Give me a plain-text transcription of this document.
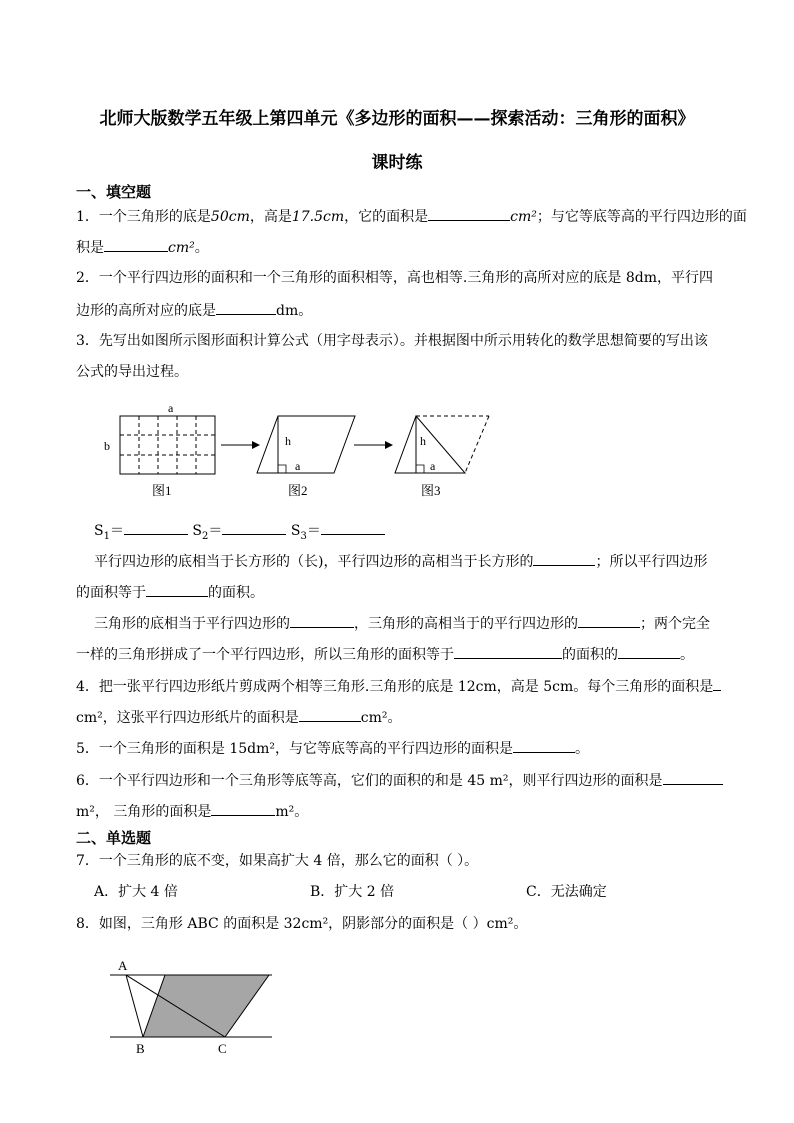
北师大版数学五年级上第四单元《多边形的面积——探索活动：三角形的面积》
课时练
一、填空题
1．一个三角形的底是50cm，高是17.5cm，它的面积是	cm²；与它等底等高的平行四边形的面
积是	cm²。
2．一个平行四边形的面积和一个三角形的面积相等，高也相等.三角形的高所对应的底是 8dm，平行四
边形的高所对应的底是	dm。
3．先写出如图所示图形面积计算公式（用字母表示）。并根据图中所示用转化的数学思想简要的写出该
公式的导出过程。
a
b	h
a
h
a
图1	图2	图3
$S_1=$	$S_2=$	$S_3=$
平行四边形的底相当于长方形的（长)，平行四边形的高相当于长方形的	；所以平行四边形
的面积等于	的面积。
三角形的底相当于平行四边形的	，三角形的高相当于的平行四边形的	；两个完全
一样的三角形拼成了一个平行四边形，所以三角形的面积等于	的面积的	。
4．把一张平行四边形纸片剪成两个相等三角形.三角形的底是 12cm，高是 5cm。每个三角形的面积是
cm²，这张平行四边形纸片的面积是	cm²。
5．一个三角形的面积是 15dm²，与它等底等高的平行四边形的面积是	。
6．一个平行四边形和一个三角形等底等高，它们的面积的和是 45 m²，则平行四边形的面积是
m²， 三角形的面积是	m²。
二、单选题
7．一个三角形的底不变，如果高扩大 4 倍，那么它的面积（ ）。
A．扩大 4 倍	B．扩大 2 倍	C．无法确定
8．如图，三角形 ABC 的面积是 32cm²，阴影部分的面积是（ ）cm²。
A
B	C
